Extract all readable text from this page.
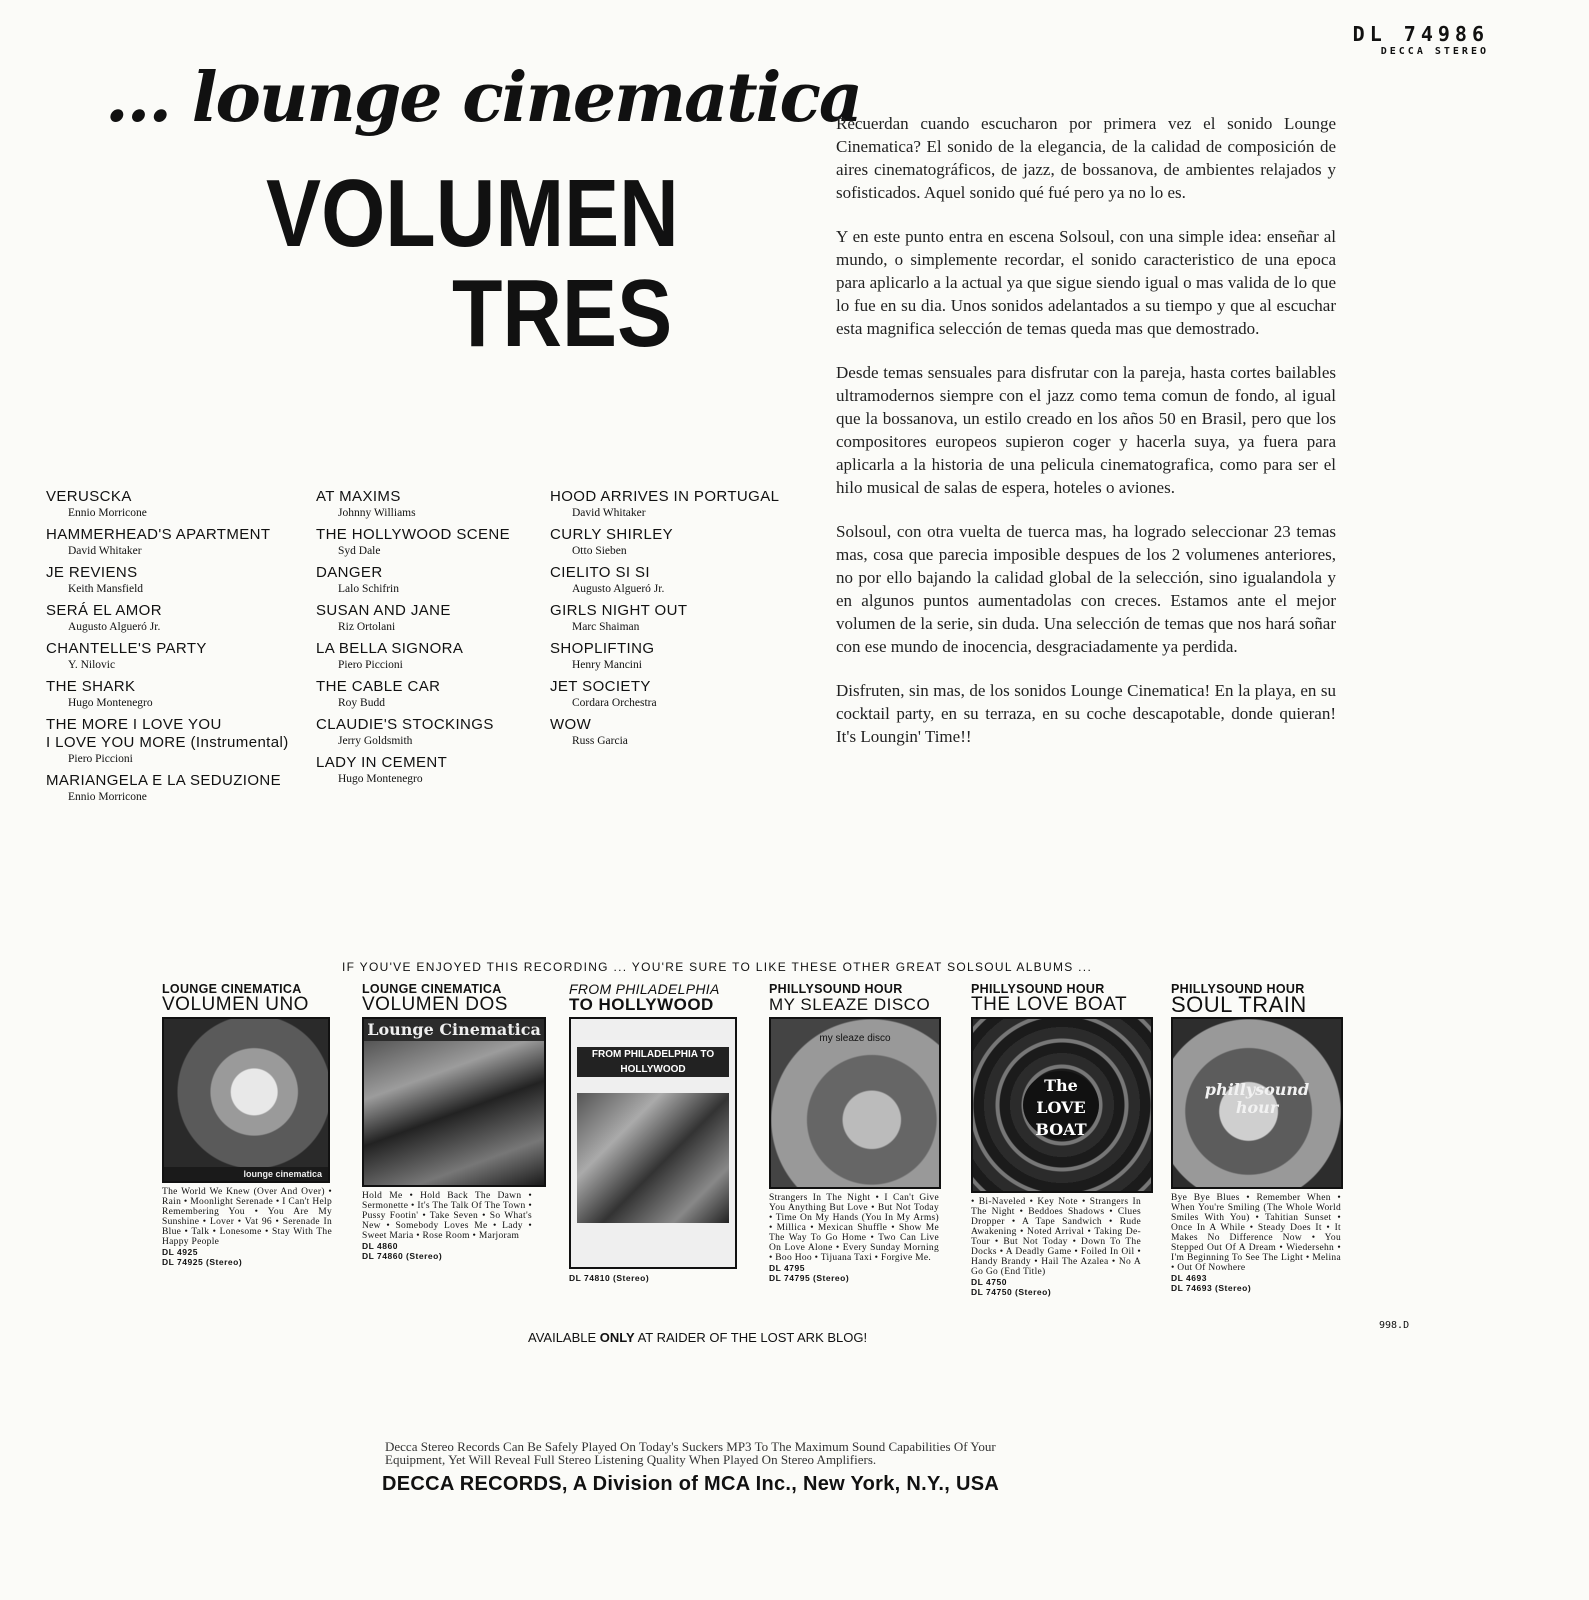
DL 74986
DECCA STEREO
... lounge cinematica
VOLUMEN
TRES
VERUSCKA
Ennio Morricone
HAMMERHEAD'S APARTMENT
David Whitaker
JE REVIENS
Keith Mansfield
SERÁ EL AMOR
Augusto Algueró Jr.
CHANTELLE'S PARTY
Y. Nilovic
THE SHARK
Hugo Montenegro
THE MORE I LOVE YOU
I LOVE YOU MORE (Instrumental)
Piero Piccioni
MARIANGELA E LA SEDUZIONE
Ennio Morricone
AT MAXIMS
Johnny Williams
THE HOLLYWOOD SCENE
Syd Dale
DANGER
Lalo Schifrin
SUSAN AND JANE
Riz Ortolani
LA BELLA SIGNORA
Piero Piccioni
THE CABLE CAR
Roy Budd
CLAUDIE'S STOCKINGS
Jerry Goldsmith
LADY IN CEMENT
Hugo Montenegro
HOOD ARRIVES IN PORTUGAL
David Whitaker
CURLY SHIRLEY
Otto Sieben
CIELITO SI SI
Augusto Algueró Jr.
GIRLS NIGHT OUT
Marc Shaiman
SHOPLIFTING
Henry Mancini
JET SOCIETY
Cordara Orchestra
WOW
Russ Garcia

Recuerdan cuando escucharon por primera vez el sonido Lounge Cinematica? El sonido de la elegancia, de la calidad de composición de aires cinematográficos, de jazz, de bossanova, de ambientes relajados y sofisticados. Aquel sonido qué fué pero ya no lo es.

Y en este punto entra en escena Solsoul, con una simple idea: enseñar al mundo, o simplemente recordar, el sonido caracteristico de una epoca para aplicarlo a la actual ya que sigue siendo igual o mas valida de lo que lo fue en su dia. Unos sonidos adelantados a su tiempo y que al escuchar esta magnifica selección de temas queda mas que demostrado.

Desde temas sensuales para disfrutar con la pareja, hasta cortes bailables ultramodernos siempre con el jazz como tema comun de fondo, al igual que la bossanova, un estilo creado en los años 50 en Brasil, pero que los compositores europeos supieron coger y hacerla suya, ya fuera para aplicarla a la historia de una pelicula cinematografica, como para ser el hilo musical de salas de espera, hoteles o aviones.

Solsoul, con otra vuelta de tuerca mas, ha logrado seleccionar 23 temas mas, cosa que parecia imposible despues de los 2 volumenes anteriores, no por ello bajando la calidad global de la selección, sino igualandola y en algunos puntos aumentadolas con creces. Estamos ante el mejor volumen de la serie, sin duda. Una selección de temas que nos hará soñar con ese mundo de inocencia, desgraciadamente ya perdida.

Disfruten, sin mas, de los sonidos Lounge Cinematica! En la playa, en su cocktail party, en su terraza, en su coche descapotable, donde quieran! It's Loungin' Time!!

IF YOU'VE ENJOYED THIS RECORDING ... YOU'RE SURE TO LIKE THESE OTHER GREAT SOLSOUL ALBUMS ...
LOUNGE CINEMATICA
VOLUMEN UNO
lounge cinematica
The World We Knew (Over And Over) • Rain • Moonlight Serenade • I Can't Help Remembering You • You Are My Sunshine • Lover • Vat 96 • Serenade In Blue • Talk • Lonesome • Stay With The Happy People
DL 4925
DL 74925 (Stereo)
LOUNGE CINEMATICA
VOLUMEN DOS
Lounge Cinematica
Hold Me • Hold Back The Dawn • Sermonette • It's The Talk Of The Town • Pussy Footin' • Take Seven • So What's New • Somebody Loves Me • Lady • Sweet Maria • Rose Room • Marjoram
DL 4860
DL 74860 (Stereo)
FROM PHILADELPHIA
TO HOLLYWOOD
FROM PHILADELPHIA TO HOLLYWOOD
DL 74810 (Stereo)
PHILLYSOUND HOUR
MY SLEAZE DISCO
my sleaze disco
Strangers In The Night • I Can't Give You Anything But Love • But Not Today • Time On My Hands (You In My Arms) • Millica • Mexican Shuffle • Show Me The Way To Go Home • Two Can Live On Love Alone • Every Sunday Morning • Boo Hoo • Tijuana Taxi • Forgive Me.
DL 4795
DL 74795 (Stereo)
PHILLYSOUND HOUR
THE LOVE BOAT
The LOVE BOAT
• Bi-Naveled • Key Note • Strangers In The Night • Beddoes Shadows • Clues Dropper • A Tape Sandwich • Rude Awakening • Noted Arrival • Taking De-Tour • But Not Today • Down To The Docks • A Deadly Game • Foiled In Oil • Handy Brandy • Hail The Azalea • No A Go Go (End Title)
DL 4750
DL 74750 (Stereo)
PHILLYSOUND HOUR
SOUL TRAIN
phillysound hour
Bye Bye Blues • Remember When • When You're Smiling (The Whole World Smiles With You) • Tahitian Sunset • Once In A While • Steady Does It • It Makes No Difference Now • You Stepped Out Of A Dream • Wiedersehn • I'm Beginning To See The Light • Melina • Out Of Nowhere
DL 4693
DL 74693 (Stereo)
AVAILABLE ONLY AT RAIDER OF THE LOST ARK BLOG!
998.D
Decca Stereo Records Can Be Safely Played On Today's Suckers MP3 To The Maximum Sound Capabilities Of Your Equipment, Yet Will Reveal Full Stereo Listening Quality When Played On Stereo Amplifiers.
DECCA RECORDS, A Division of MCA Inc., New York, N.Y., USA
